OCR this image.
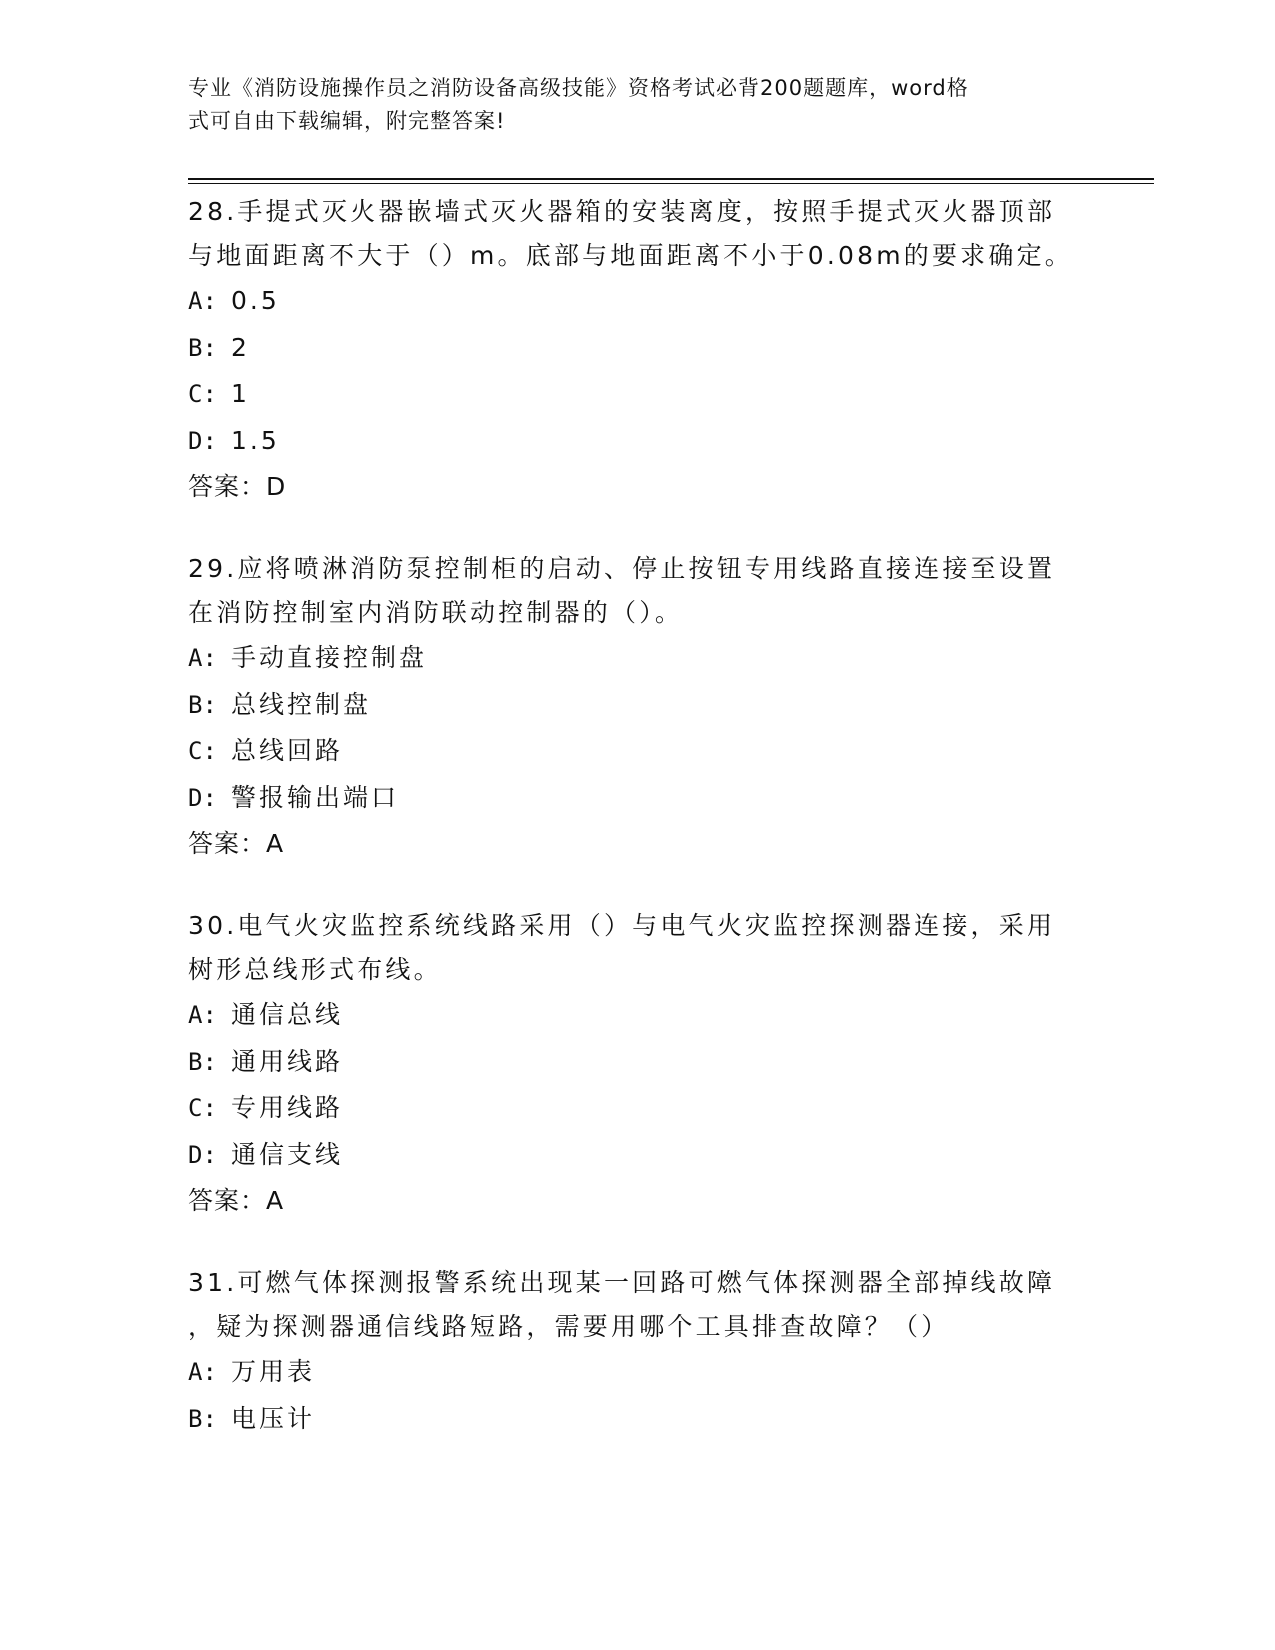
专业《消防设施操作员之消防设备高级技能》资格考试必背200题题库，word格
式可自由下载编辑，附完整答案!

28.手提式灭火器嵌墙式灭火器箱的安装离度，按照手提式灭火器顶部

与地面距离不大于（）m。底部与地面距离不小于0.08m的要求确定。

A: 0.5

B: 2

C: 1

D: 1.5

答案：D

29.应将喷淋消防泵控制柜的启动、停止按钮专用线路直接连接至设置

在消防控制室内消防联动控制器的（）。

A: 手动直接控制盘

B: 总线控制盘

C: 总线回路

D: 警报输出端口

答案：A

30.电气火灾监控系统线路采用（）与电气火灾监控探测器连接，采用

树形总线形式布线。

A: 通信总线

B: 通用线路

C: 专用线路

D: 通信支线

答案：A

31.可燃气体探测报警系统出现某一回路可燃气体探测器全部掉线故障

，疑为探测器通信线路短路，需要用哪个工具排查故障？（）

A: 万用表

B: 电压计
